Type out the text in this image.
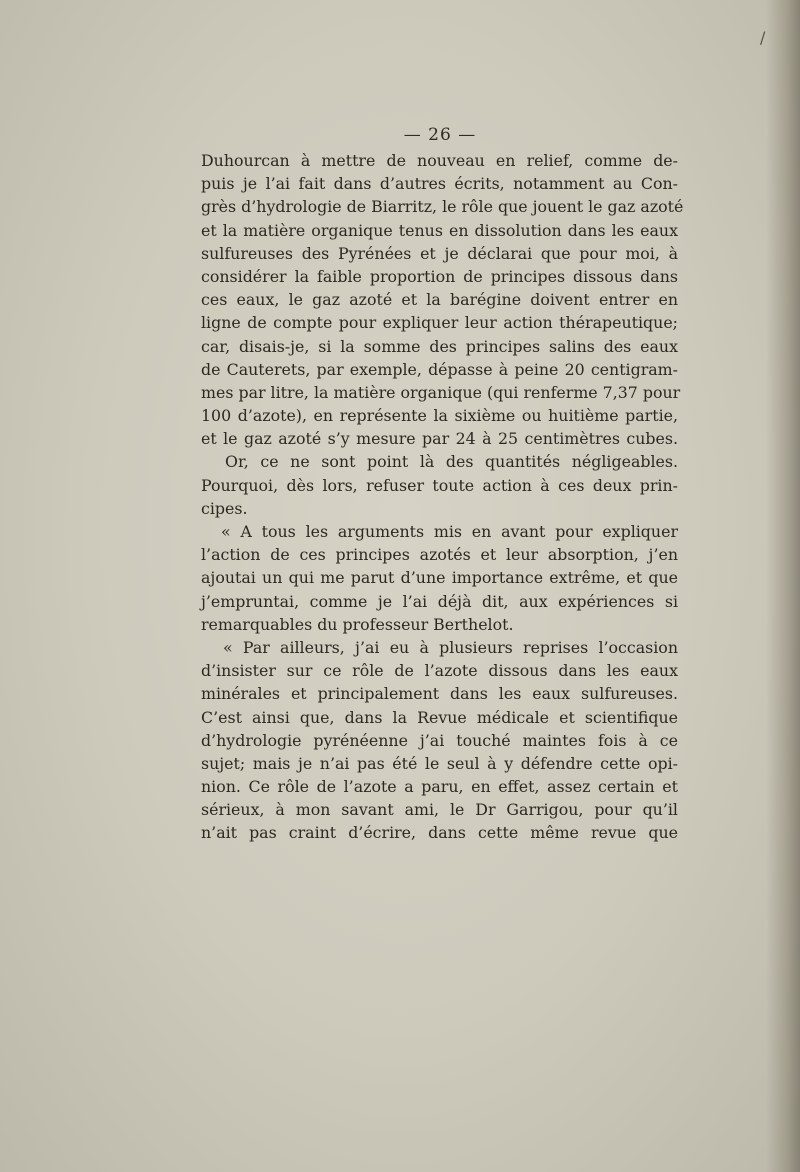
/
— 26 —
Duhourcan à mettre de nouveau en relief, comme de-
puis je l’ai fait dans d’autres écrits, notamment au Con-
grès d’hydrologie de Biarritz, le rôle que jouent le gaz azoté
et la matière organique tenus en dissolution dans les eaux
sulfureuses des Pyrénées et je déclarai que pour moi, à
considérer la faible proportion de principes dissous dans
ces eaux, le gaz azoté et la barégine doivent entrer en
ligne de compte pour expliquer leur action thérapeutique;
car, disais-je, si la somme des principes salins des eaux
de Cauterets, par exemple, dépasse à peine 20 centigram-
mes par litre, la matière organique (qui renferme 7,37 pour
100 d’azote), en représente la sixième ou huitième partie,
et le gaz azoté s’y mesure par 24 à 25 centimètres cubes.
Or, ce ne sont point là des quantités négligeables.
Pourquoi, dès lors, refuser toute action à ces deux prin-
cipes.
« A tous les arguments mis en avant pour expliquer
l’action de ces principes azotés et leur absorption, j’en
ajoutai un qui me parut d’une importance extrême, et que
j’empruntai, comme je l’ai déjà dit, aux expériences si
remarquables du professeur Berthelot.
« Par ailleurs, j’ai eu à plusieurs reprises l’occasion
d’insister sur ce rôle de l’azote dissous dans les eaux
minérales et principalement dans les eaux sulfureuses.
C’est ainsi que, dans la Revue médicale et scientifique
d’hydrologie pyrénéenne j’ai touché maintes fois à ce
sujet; mais je n’ai pas été le seul à y défendre cette opi-
nion. Ce rôle de l’azote a paru, en effet, assez certain et
sérieux, à mon savant ami, le Dr Garrigou, pour qu’il
n’ait pas craint d’écrire, dans cette même revue que
